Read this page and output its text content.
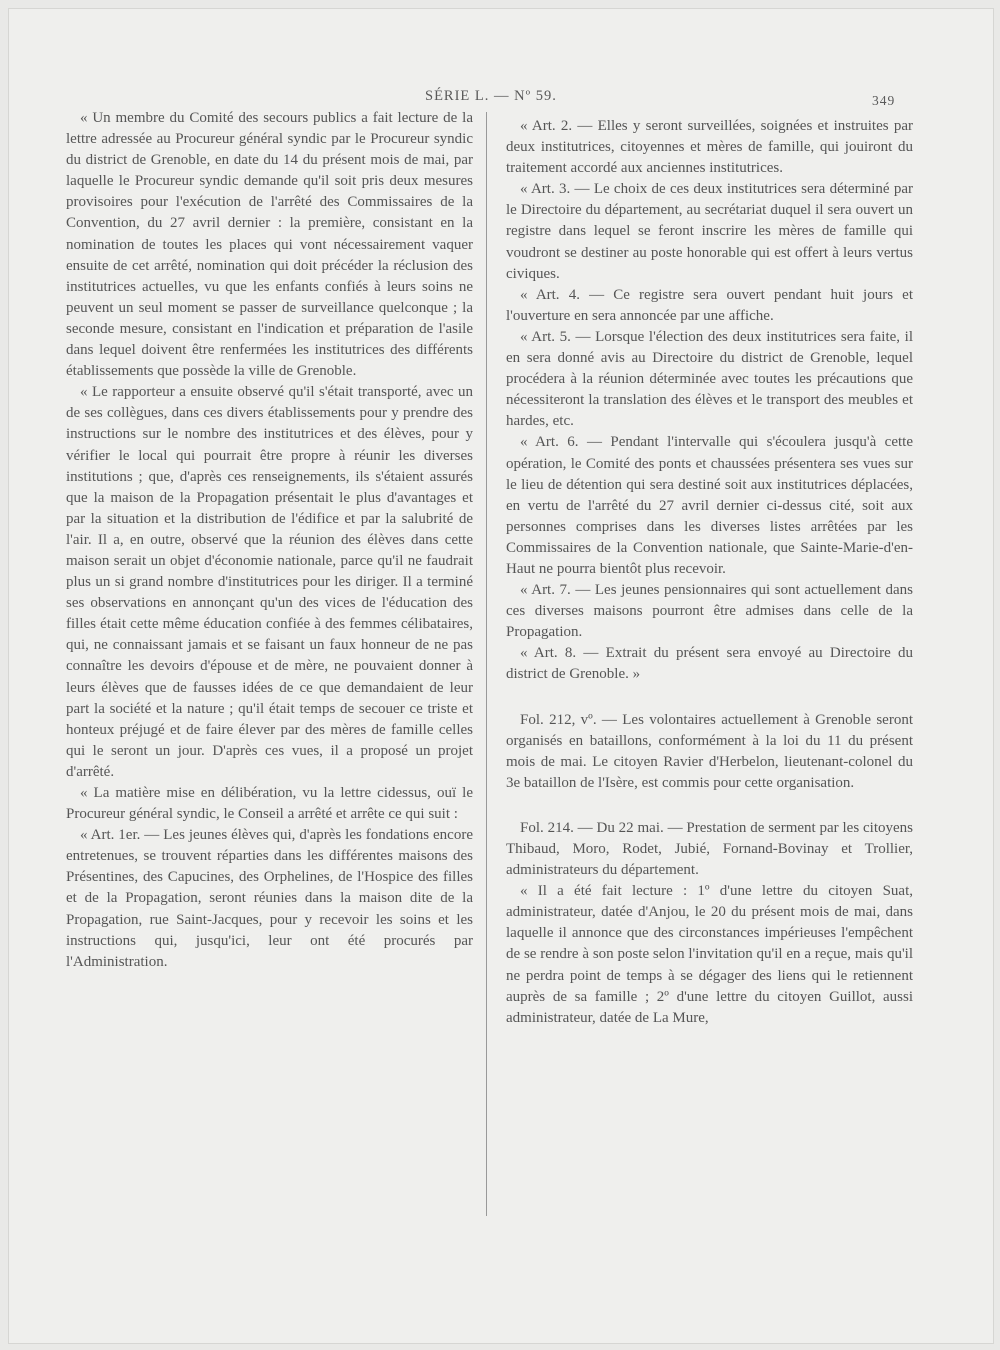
SÉRIE L. — Nº 59.	349

« Un membre du Comité des secours publics a fait lecture de la lettre adressée au Procureur général syndic par le Procureur syndic du district de Grenoble, en date du 14 du présent mois de mai, par laquelle le Procureur syndic demande qu'il soit pris deux mesures provisoires pour l'exécution de l'arrêté des Commissaires de la Convention, du 27 avril dernier : la première, consistant en la nomination de toutes les places qui vont nécessairement vaquer ensuite de cet arrêté, nomination qui doit précéder la réclusion des institutrices actuelles, vu que les enfants confiés à leurs soins ne peuvent un seul moment se passer de surveillance quelconque ; la seconde mesure, consistant en l'indication et préparation de l'asile dans lequel doivent être renfermées les institutrices des différents établissements que possède la ville de Grenoble.

« Le rapporteur a ensuite observé qu'il s'était transporté, avec un de ses collègues, dans ces divers établissements pour y prendre des instructions sur le nombre des institutrices et des élèves, pour y vérifier le local qui pourrait être propre à réunir les diverses institutions ; que, d'après ces renseignements, ils s'étaient assurés que la maison de la Propagation présentait le plus d'avantages et par la situation et la distribution de l'édifice et par la salubrité de l'air. Il a, en outre, observé que la réunion des élèves dans cette maison serait un objet d'économie nationale, parce qu'il ne faudrait plus un si grand nombre d'institutrices pour les diriger. Il a terminé ses observations en annonçant qu'un des vices de l'éducation des filles était cette même éducation confiée à des femmes célibataires, qui, ne connaissant jamais et se faisant un faux honneur de ne pas connaître les devoirs d'épouse et de mère, ne pouvaient donner à leurs élèves que de fausses idées de ce que demandaient de leur part la société et la nature ; qu'il était temps de secouer ce triste et honteux préjugé et de faire élever par des mères de famille celles qui le seront un jour. D'après ces vues, il a proposé un projet d'arrêté.

« La matière mise en délibération, vu la lettre cidessus, ouï le Procureur général syndic, le Conseil a arrêté et arrête ce qui suit :

« Art. 1er. — Les jeunes élèves qui, d'après les fondations encore entretenues, se trouvent réparties dans les différentes maisons des Présentines, des Capucines, des Orphelines, de l'Hospice des filles et de la Propagation, seront réunies dans la maison dite de la Propagation, rue Saint-Jacques, pour y recevoir les soins et les instructions qui, jusqu'ici, leur ont été procurés par l'Administration.

« Art. 2. — Elles y seront surveillées, soignées et instruites par deux institutrices, citoyennes et mères de famille, qui jouiront du traitement accordé aux anciennes institutrices.

« Art. 3. — Le choix de ces deux institutrices sera déterminé par le Directoire du département, au secrétariat duquel il sera ouvert un registre dans lequel se feront inscrire les mères de famille qui voudront se destiner au poste honorable qui est offert à leurs vertus civiques.

« Art. 4. — Ce registre sera ouvert pendant huit jours et l'ouverture en sera annoncée par une affiche.

« Art. 5. — Lorsque l'élection des deux institutrices sera faite, il en sera donné avis au Directoire du district de Grenoble, lequel procédera à la réunion déterminée avec toutes les précautions que nécessiteront la translation des élèves et le transport des meubles et hardes, etc.

« Art. 6. — Pendant l'intervalle qui s'écoulera jusqu'à cette opération, le Comité des ponts et chaussées présentera ses vues sur le lieu de détention qui sera destiné soit aux institutrices déplacées, en vertu de l'arrêté du 27 avril dernier ci-dessus cité, soit aux personnes comprises dans les diverses listes arrêtées par les Commissaires de la Convention nationale, que Sainte-Marie-d'en-Haut ne pourra bientôt plus recevoir.

« Art. 7. — Les jeunes pensionnaires qui sont actuellement dans ces diverses maisons pourront être admises dans celle de la Propagation.

« Art. 8. — Extrait du présent sera envoyé au Directoire du district de Grenoble. »

Fol. 212, vº. — Les volontaires actuellement à Grenoble seront organisés en bataillons, conformément à la loi du 11 du présent mois de mai. Le citoyen Ravier d'Herbelon, lieutenant-colonel du 3e bataillon de l'Isère, est commis pour cette organisation.

Fol. 214. — Du 22 mai. — Prestation de serment par les citoyens Thibaud, Moro, Rodet, Jubié, Fornand-Bovinay et Trollier, administrateurs du département.

« Il a été fait lecture : 1º d'une lettre du citoyen Suat, administrateur, datée d'Anjou, le 20 du présent mois de mai, dans laquelle il annonce que des circonstances impérieuses l'empêchent de se rendre à son poste selon l'invitation qu'il en a reçue, mais qu'il ne perdra point de temps à se dégager des liens qui le retiennent auprès de sa famille ; 2º d'une lettre du citoyen Guillot, aussi administrateur, datée de La Mure,
